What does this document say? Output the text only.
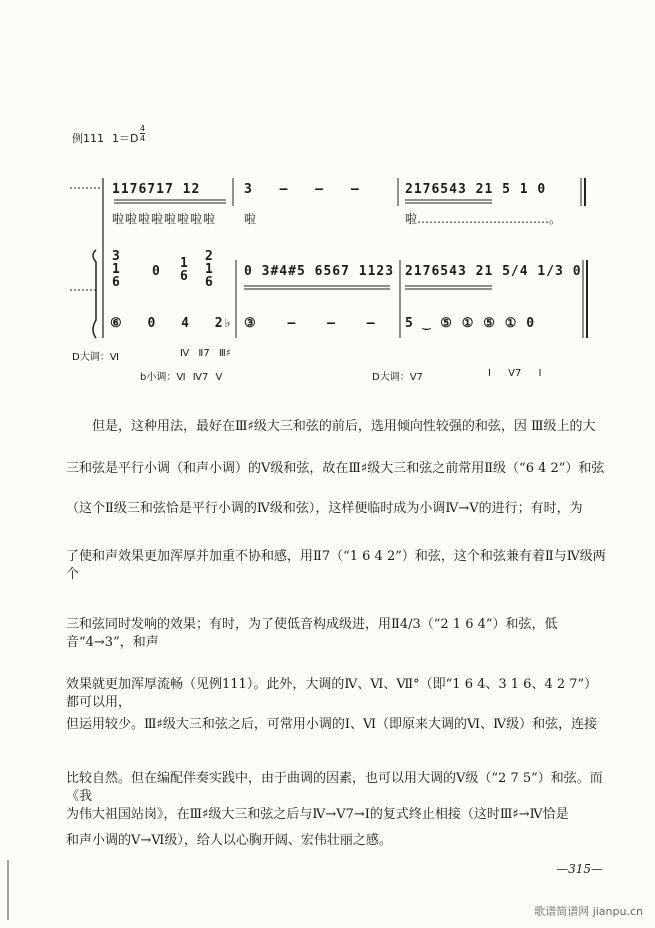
例111 1＝D
4
4
1176717 12	3 — — —	2176543 21 5 1 0
啦啦啦啦啦啦啦啦 啦	啦……………………………。
3
1
6
0
1
6
2
1
6
0 3#4#5 6567 1123 2176543 21 5/4 1/3 0
⑥ 0 4 2♭ ③ — — — 5 ‿ ⑤ ① ⑤ ① 0
D大调：Ⅵ	Ⅳ Ⅱ7 Ⅲ♯
b小调：Ⅵ Ⅳ7 Ⅴ	D大调：Ⅴ7	Ⅰ Ⅴ7 Ⅰ
但是，这种用法，最好在Ⅲ♯级大三和弦的前后，选用倾向性较强的和弦，因 Ⅲ级上的大
三和弦是平行小调（和声小调）的Ⅴ级和弦，故在Ⅲ♯级大三和弦之前常用Ⅱ级（“6 4 2”）和弦
（这个Ⅱ级三和弦恰是平行小调的Ⅳ级和弦），这样便临时成为小调Ⅳ→Ⅴ的进行；有时，为
了使和声效果更加浑厚并加重不协和感，用Ⅱ7（“1 6 4 2”）和弦，这个和弦兼有着Ⅱ与Ⅳ级两个
三和弦同时发响的效果；有时，为了使低音构成级进，用Ⅱ4/3（“2 1 6 4”）和弦，低音“4→3”，和声
效果就更加浑厚流畅（见例111）。此外，大调的Ⅳ、Ⅵ、Ⅶ°（即“1 6 4、3 1 6、4 2 7”）都可以用，
但运用较少。Ⅲ♯级大三和弦之后，可常用小调的Ⅰ、Ⅵ（即原来大调的Ⅵ、Ⅳ级）和弦，连接
比较自然。但在编配伴奏实践中，由于曲调的因素，也可以用大调的Ⅴ级（“2 7 5”）和弦。而《我
为伟大祖国站岗》，在Ⅲ♯级大三和弦之后与Ⅳ→Ⅴ7→Ⅰ的复式终止相接（这时Ⅲ♯→Ⅳ恰是
和声小调的Ⅴ→Ⅵ级），给人以心胸开阔、宏伟壮丽之感。
—315—
歌谱简谱网 jianpu.cn
